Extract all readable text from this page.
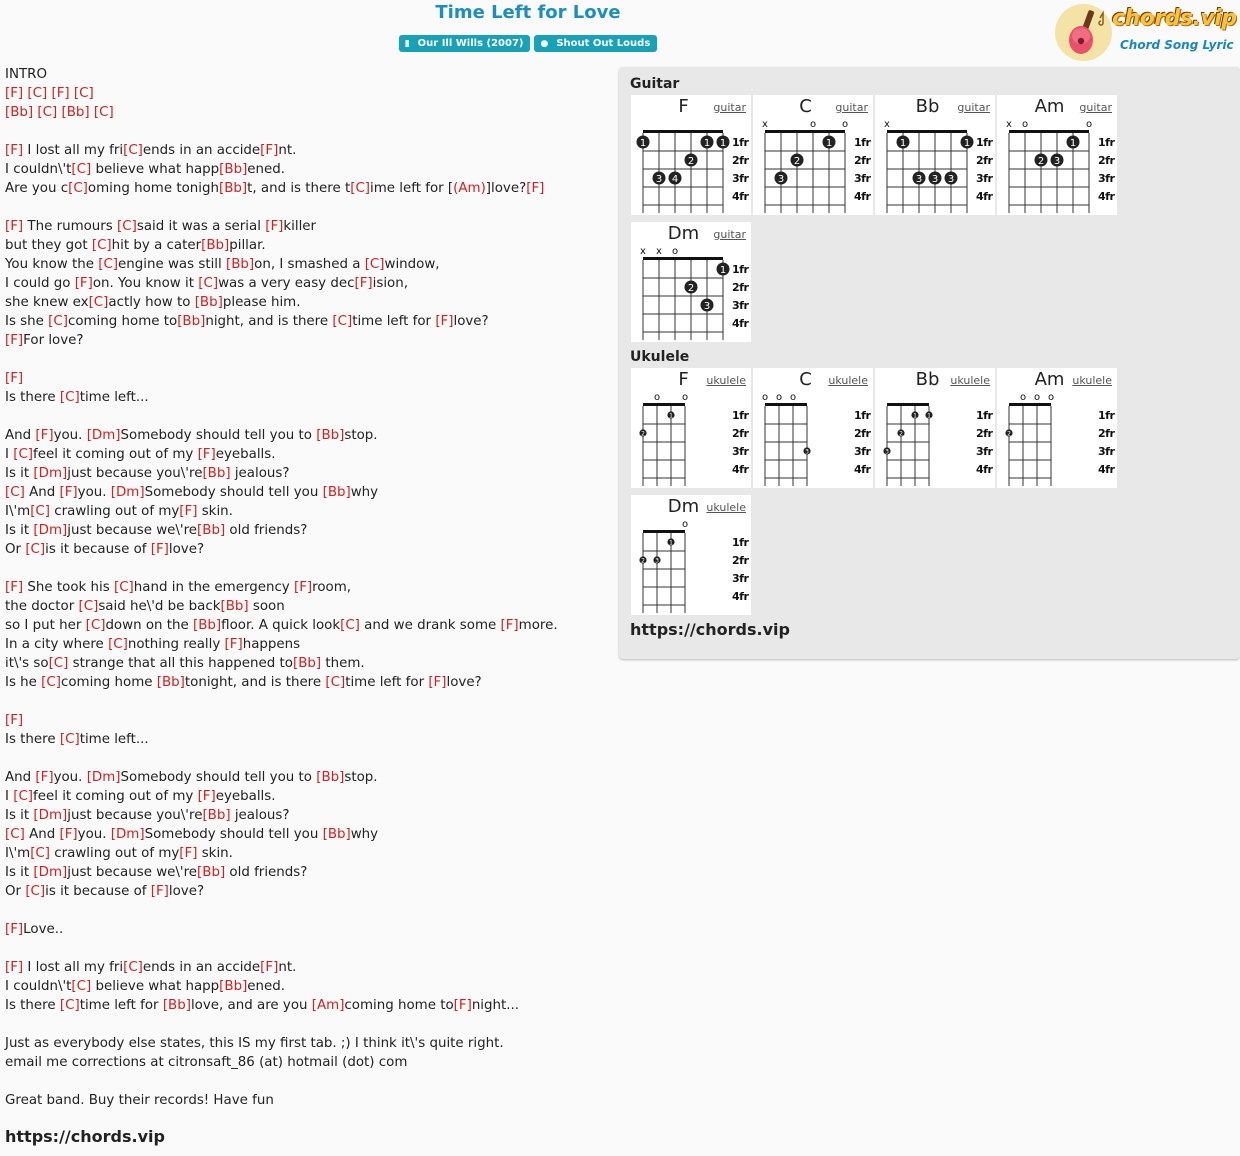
Time Left for Love
▮ Our Ill Wills (2007) ● Shout Out Louds
chords.vip
Chord Song Lyric
INTRO
[F] [C] [F] [C]
[Bb] [C] [Bb] [C]
[F] I lost all my fri[C]ends in an accide[F]nt.
I couldn\'t[C] believe what happ[Bb]ened.
Are you c[C]oming home tonigh[Bb]t, and is there t[C]ime left for [(Am)]love?[F]
[F] The rumours [C]said it was a serial [F]killer
but they got [C]hit by a cater[Bb]pillar.
You know the [C]engine was still [Bb]on, I smashed a [C]window,
I could go [F]on. You know it [C]was a very easy dec[F]ision,
she knew ex[C]actly how to [Bb]please him.
Is she [C]coming home to[Bb]night, and is there [C]time left for [F]love?
[F]For love?
[F]
Is there [C]time left...
And [F]you. [Dm]Somebody should tell you to [Bb]stop.
I [C]feel it coming out of my [F]eyeballs.
Is it [Dm]just because you\'re[Bb] jealous?
[C] And [F]you. [Dm]Somebody should tell you [Bb]why
I\'m[C] crawling out of my[F] skin.
Is it [Dm]just because we\'re[Bb] old friends?
Or [C]is it because of [F]love?
[F] She took his [C]hand in the emergency [F]room,
the doctor [C]said he\'d be back[Bb] soon
so I put her [C]down on the [Bb]floor. A quick look[C] and we drank some [F]more.
In a city where [C]nothing really [F]happens
it\'s so[C] strange that all this happened to[Bb] them.
Is he [C]coming home [Bb]tonight, and is there [C]time left for [F]love?
[F]
Is there [C]time left...
And [F]you. [Dm]Somebody should tell you to [Bb]stop.
I [C]feel it coming out of my [F]eyeballs.
Is it [Dm]just because you\'re[Bb] jealous?
[C] And [F]you. [Dm]Somebody should tell you [Bb]why
I\'m[C] crawling out of my[F] skin.
Is it [Dm]just because we\'re[Bb] old friends?
Or [C]is it because of [F]love?
[F]Love..
[F] I lost all my fri[C]ends in an accide[F]nt.
I couldn\'t[C] believe what happ[Bb]ened.
Is there [C]time left for [Bb]love, and are you [Am]coming home to[F]night...
Just as everybody else states, this IS my first tab. ;) I think it\'s quite right.
email me corrections at citronsaft_86 (at) hotmail (dot) com
Great band. Buy their records! Have fun
https://chords.vip
Guitar
Ukulele
https://chords.vip
F	guitar
1	1
1
2
3 4
1fr
2fr
3fr
4fr
C	guitar
x	o	o
1
2
3
1fr
2fr
3fr
4fr
Bb	guitar
x
1	1
3 3 3
1fr
2fr
3fr
4fr
Am	guitar
x o	o
1
2 3
1fr
2fr
3fr
4fr
Dm	guitar
x x o
1
2
3
1fr
2fr
3fr
4fr
F	ukulele
o o
1
2
1fr
2fr
3fr
4fr
C	ukulele
o o o
3
1fr
2fr
3fr
4fr
Bb ukulele
1 1
2
3
1fr
2fr
3fr
4fr
Am ukulele
o o o
2
1fr
2fr
3fr
4fr
Dm ukulele
o
1
2 3
1fr
2fr
3fr
4fr
